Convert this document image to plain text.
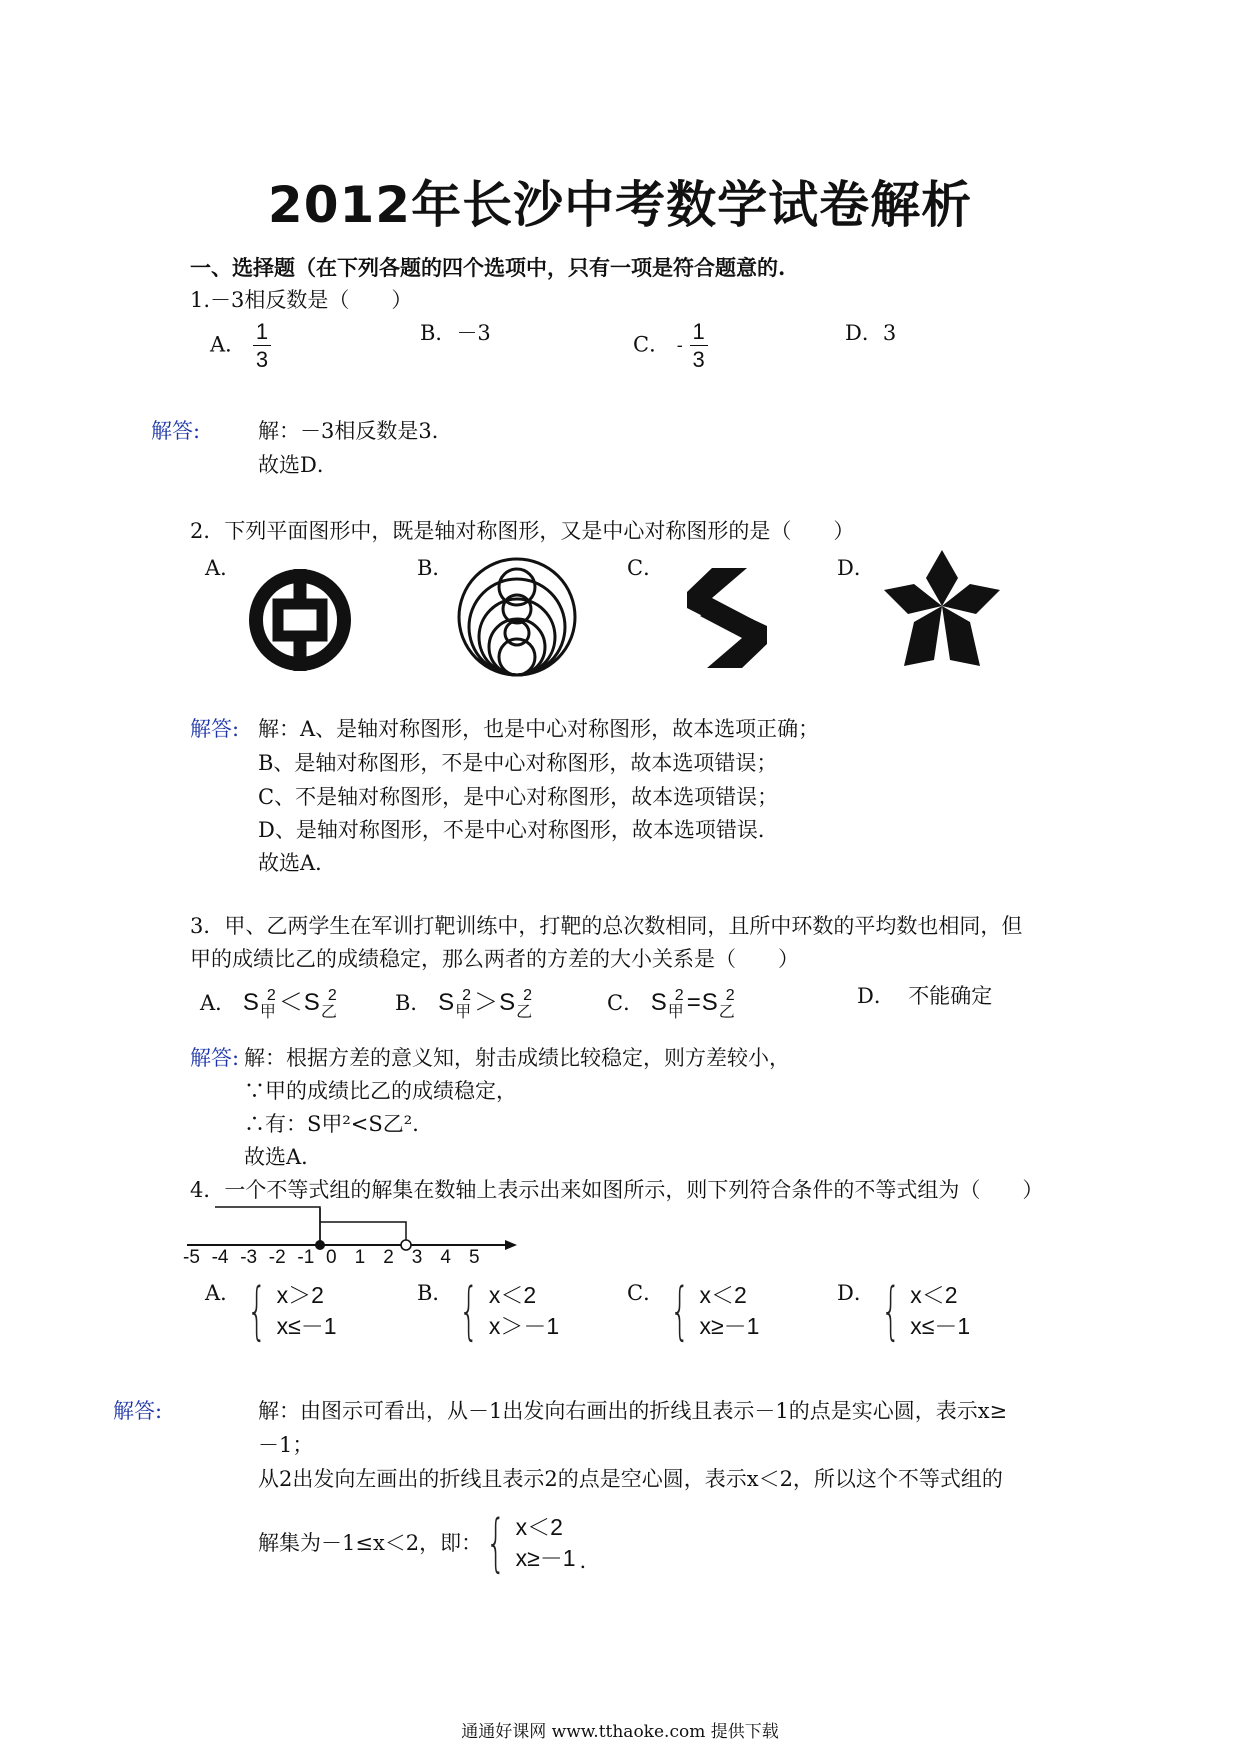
2012年长沙中考数学试卷解析
一、选择题（在下列各题的四个选项中，只有一项是符合题意的.
1.－3相反数是（　　）
A． $\frac{1}{3}$	B．－3	C． - $\frac{1}{3}$	D．3
解答:	解：－3相反数是3．
故选D．
2．下列平面图形中，既是轴对称图形，又是中心对称图形的是（　　）
A．	B．	C．	D．
解答: 解：A、是轴对称图形，也是中心对称图形，故本选项正确；
B、是轴对称图形，不是中心对称图形，故本选项错误；
C、不是轴对称图形，是中心对称图形，故本选项错误；
D、是轴对称图形，不是中心对称图形，故本选项错误．
故选A．
3．甲、乙两学生在军训打靶训练中，打靶的总次数相同，且所中环数的平均数也相同，但
甲的成绩比乙的成绩稳定，那么两者的方差的大小关系是（　　）
A． $S_甲^2<S_乙^2$	B． $S_甲^2>S_乙^2$	C． $S_甲^2=S_乙^2$	D． 不能确定
解答: 解：根据方差的意义知，射击成绩比较稳定，则方差较小，
∵甲的成绩比乙的成绩稳定，
∴有：S甲²<S乙²．
故选A．
4．一个不等式组的解集在数轴上表示出来如图所示，则下列符合条件的不等式组为（　　）
-5 -4 -3 -2 -1 0 1 2 3 4 5
A． { x＞2
x≤－1
B． { x＜2
x＞－1
C． { x＜2
x≥－1
D． { x＜2
x≤－1
解答:	解：由图示可看出，从－1出发向右画出的折线且表示－1的点是实心圆，表示x≥
－1；
从2出发向左画出的折线且表示2的点是空心圆，表示x＜2，所以这个不等式组的
解集为－1≤x＜2，即： { x＜2
x≥－1 .
通通好课网 www.tthaoke.com 提供下载
